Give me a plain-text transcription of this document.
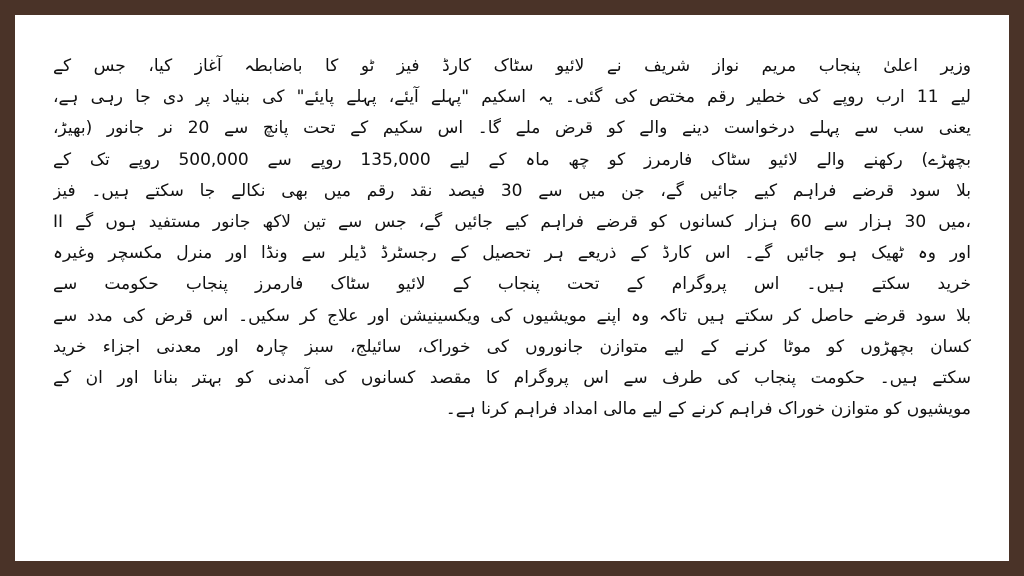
وزیر اعلیٰ پنجاب مریم نواز شریف نے لائیو سٹاک کارڈ فیز ٹو کا باضابطہ آغاز کیا، جس کے
لیے 11 ارب روپے کی خطیر رقم مختص کی گئی۔ یہ اسکیم "پہلے آیئے، پہلے پایئے" کی بنیاد پر دی جا رہی ہے،
یعنی سب سے پہلے درخواست دینے والے کو قرض ملے گا۔ اس سکیم کے تحت پانچ سے 20 نر جانور (بھیڑ،
بچھڑے) رکھنے والے لائیو سٹاک فارمرز کو چھ ماہ کے لیے 135,000 روپے سے 500,000 روپے تک کے
بلا سود قرضے فراہم کیے جائیں گے، جن میں سے 30 فیصد نقد رقم میں بھی نکالے جا سکتے ہیں۔ فیز
II میں 30 ہزار سے 60 ہزار کسانوں کو قرضے فراہم کیے جائیں گے، جس سے تین لاکھ جانور مستفید ہوں گے،
اور وہ ٹھیک ہو جائیں گے۔ اس کارڈ کے ذریعے ہر تحصیل کے رجسٹرڈ ڈیلر سے ونڈا اور منرل مکسچر وغیرہ
خرید سکتے ہیں۔ اس پروگرام کے تحت پنجاب کے لائیو سٹاک فارمرز پنجاب حکومت سے
بلا سود قرضے حاصل کر سکتے ہیں تاکہ وہ اپنے مویشیوں کی ویکسینیشن اور علاج کر سکیں۔ اس قرض کی مدد سے
کسان بچھڑوں کو موٹا کرنے کے لیے متوازن جانوروں کی خوراک، سائیلج، سبز چارہ اور معدنی اجزاء خرید
سکتے ہیں۔ حکومت پنجاب کی طرف سے اس پروگرام کا مقصد کسانوں کی آمدنی کو بہتر بنانا اور ان کے
مویشیوں کو متوازن خوراک فراہم کرنے کے لیے مالی امداد فراہم کرنا ہے۔
